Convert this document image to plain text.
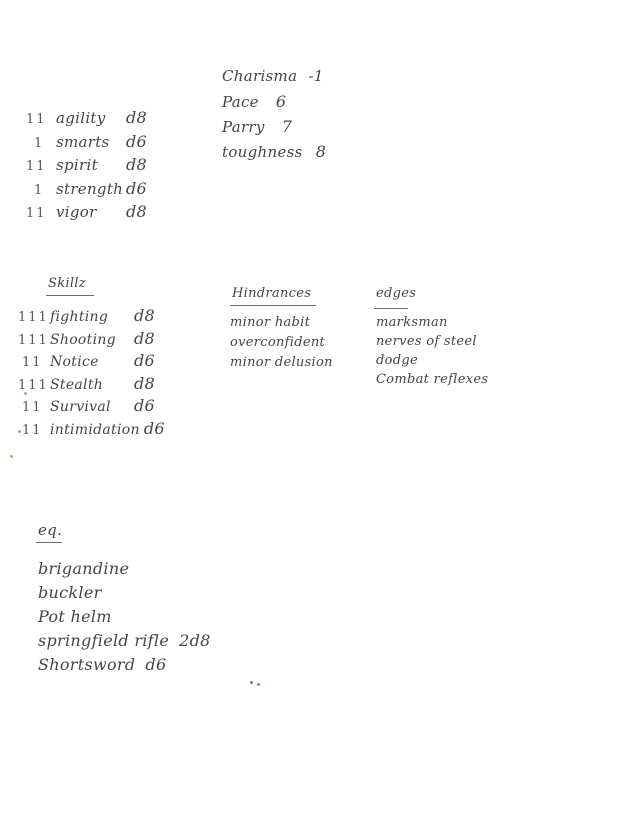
Charisma -1
Pace 6
Parry 7
toughness 8
11 agility d8
1 smarts d6
11 spirit d8
1 strength d6
11 vigor d8
Skillz
111fighting d8
111Shooting d8
11 Notice d6
111Stealth d8
11 Survival d6
11 intimidation d6
Hindrances
minor habit
overconfident
minor delusion
edges
marksman
nerves of steel
dodge
Combat reflexes
eq.
brigandine
buckler
Pot helm
springfield rifle 2d8
Shortsword d6
